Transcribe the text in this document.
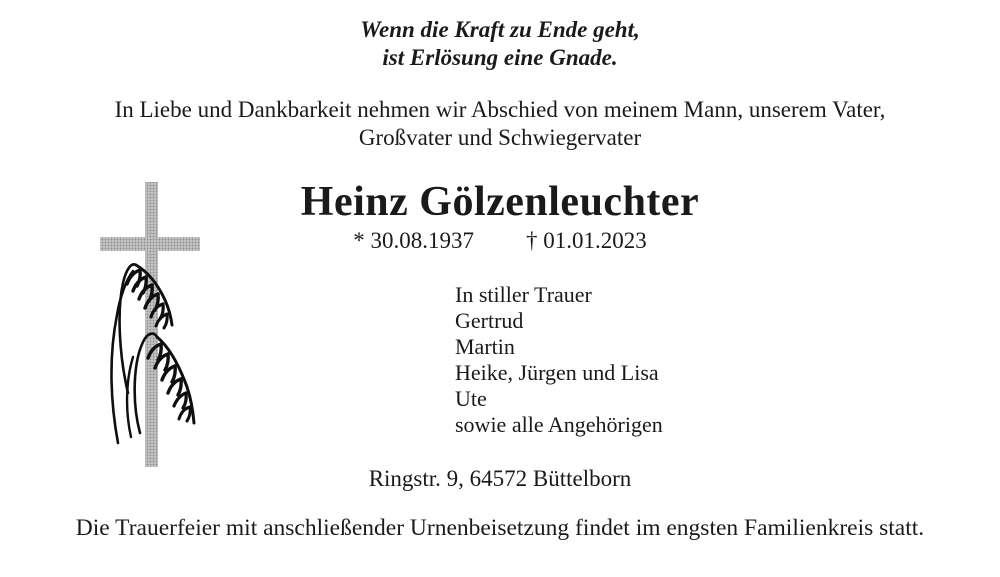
Wenn die Kraft zu Ende geht,
ist Erlösung eine Gnade.
In Liebe und Dankbarkeit nehmen wir Abschied von meinem Mann, unserem Vater,
Großvater und Schwiegervater
Heinz Gölzenleuchter
* 30.08.1937 † 01.01.2023
In stiller Trauer
Gertrud
Martin
Heike, Jürgen und Lisa
Ute
sowie alle Angehörigen
Ringstr. 9, 64572 Büttelborn
Die Trauerfeier mit anschließender Urnenbeisetzung findet im engsten Familienkreis statt.
